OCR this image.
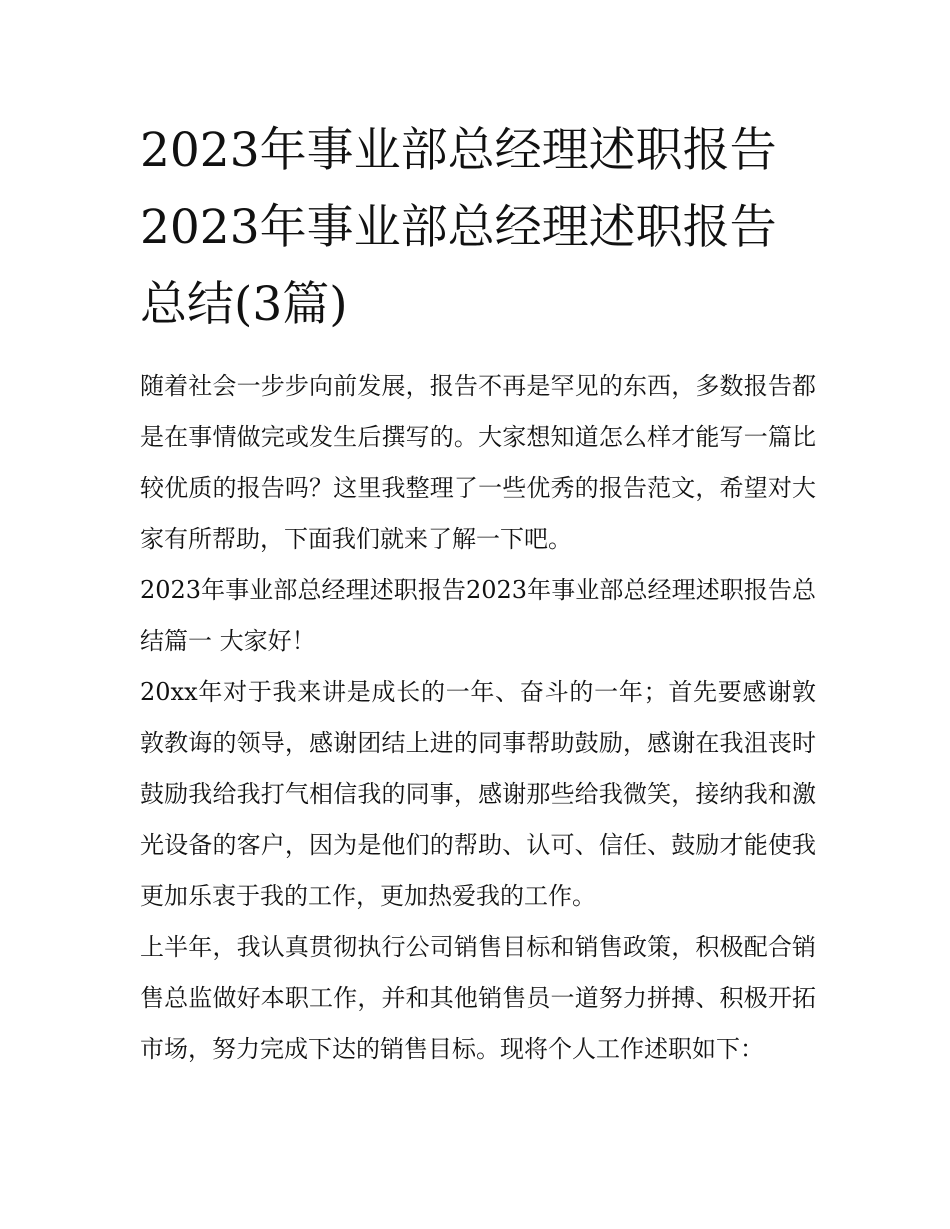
2023年事业部总经理述职报告
2023年事业部总经理述职报告
总结(3篇)

随着社会一步步向前发展，报告不再是罕见的东西，多数报告都是在事情做完或发生后撰写的。大家想知道怎么样才能写一篇比较优质的报告吗？这里我整理了一些优秀的报告范文，希望对大家有所帮助，下面我们就来了解一下吧。

2023年事业部总经理述职报告2023年事业部总经理述职报告总结篇一 大家好！

20xx年对于我来讲是成长的一年、奋斗的一年；首先要感谢敦敦教诲的领导，感谢团结上进的同事帮助鼓励，感谢在我沮丧时鼓励我给我打气相信我的同事，感谢那些给我微笑，接纳我和激光设备的客户，因为是他们的帮助、认可、信任、鼓励才能使我更加乐衷于我的工作，更加热爱我的工作。

上半年，我认真贯彻执行公司销售目标和销售政策，积极配合销售总监做好本职工作，并和其他销售员一道努力拼搏、积极开拓市场，努力完成下达的销售目标。现将个人工作述职如下：
